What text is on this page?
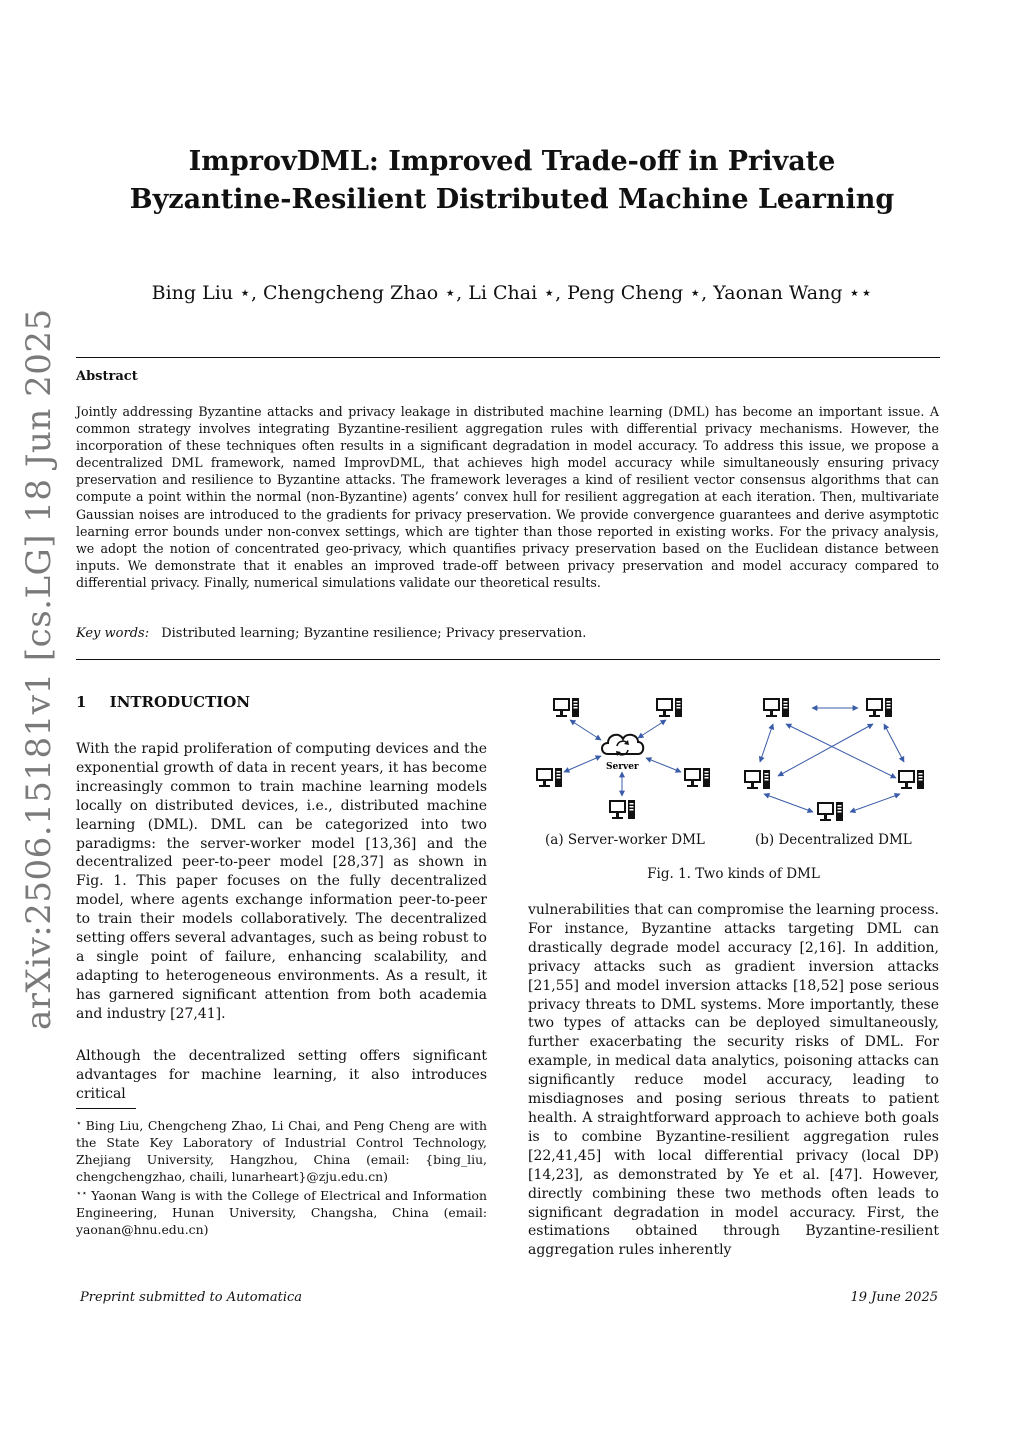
arXiv:2506.15181v1 [cs.LG] 18 Jun 2025
ImprovDML: Improved Trade-off in Private
Byzantine-Resilient Distributed Machine Learning
Bing Liu ⋆, Chengcheng Zhao ⋆, Li Chai ⋆, Peng Cheng ⋆, Yaonan Wang ⋆⋆
Abstract
Jointly addressing Byzantine attacks and privacy leakage in distributed machine learning (DML) has become an important issue. A common strategy involves integrating Byzantine-resilient aggregation rules with differential privacy mechanisms. However, the incorporation of these techniques often results in a significant degradation in model accuracy. To address this issue, we propose a decentralized DML framework, named ImprovDML, that achieves high model accuracy while simultaneously ensuring privacy preservation and resilience to Byzantine attacks. The framework leverages a kind of resilient vector consensus algorithms that can compute a point within the normal (non-Byzantine) agents’ convex hull for resilient aggregation at each iteration. Then, multivariate Gaussian noises are introduced to the gradients for privacy preservation. We provide convergence guarantees and derive asymptotic learning error bounds under non-convex settings, which are tighter than those reported in existing works. For the privacy analysis, we adopt the notion of concentrated geo-privacy, which quantifies privacy preservation based on the Euclidean distance between inputs. We demonstrate that it enables an improved trade-off between privacy preservation and model accuracy compared to differential privacy. Finally, numerical simulations validate our theoretical results.
Key words: Distributed learning; Byzantine resilience; Privacy preservation.
1 INTRODUCTION
With the rapid proliferation of computing devices and the exponential growth of data in recent years, it has become increasingly common to train machine learning models locally on distributed devices, i.e., distributed machine learning (DML). DML can be categorized into two paradigms: the server-worker model [13,36] and the decentralized peer-to-peer model [28,37] as shown in Fig. 1. This paper focuses on the fully decentralized model, where agents exchange information peer-to-peer to train their models collaboratively. The decentralized setting offers several advantages, such as being robust to a single point of failure, enhancing scalability, and adapting to heterogeneous environments. As a result, it has garnered significant attention from both academia and industry [27,41].
Although the decentralized setting offers significant advantages for machine learning, it also introduces critical
⋆ Bing Liu, Chengcheng Zhao, Li Chai, and Peng Cheng are with the State Key Laboratory of Industrial Control Technology, Zhejiang University, Hangzhou, China (email: {bing_liu, chengchengzhao, chaili, lunarheart}@zju.edu.cn)
⋆⋆ Yaonan Wang is with the College of Electrical and Information Engineering, Hunan University, Changsha, China (email: yaonan@hnu.edu.cn)
Server
(a) Server-worker DML	(b) Decentralized DML
Fig. 1. Two kinds of DML
vulnerabilities that can compromise the learning process. For instance, Byzantine attacks targeting DML can drastically degrade model accuracy [2,16]. In addition, privacy attacks such as gradient inversion attacks [21,55] and model inversion attacks [18,52] pose serious privacy threats to DML systems. More importantly, these two types of attacks can be deployed simultaneously, further exacerbating the security risks of DML. For example, in medical data analytics, poisoning attacks can significantly reduce model accuracy, leading to misdiagnoses and posing serious threats to patient health. A straightforward approach to achieve both goals is to combine Byzantine-resilient aggregation rules [22,41,45] with local differential privacy (local DP) [14,23], as demonstrated by Ye et al. [47]. However, directly combining these two methods often leads to significant degradation in model accuracy. First, the estimations obtained through Byzantine-resilient aggregation rules inherently
Preprint submitted to Automatica	19 June 2025
